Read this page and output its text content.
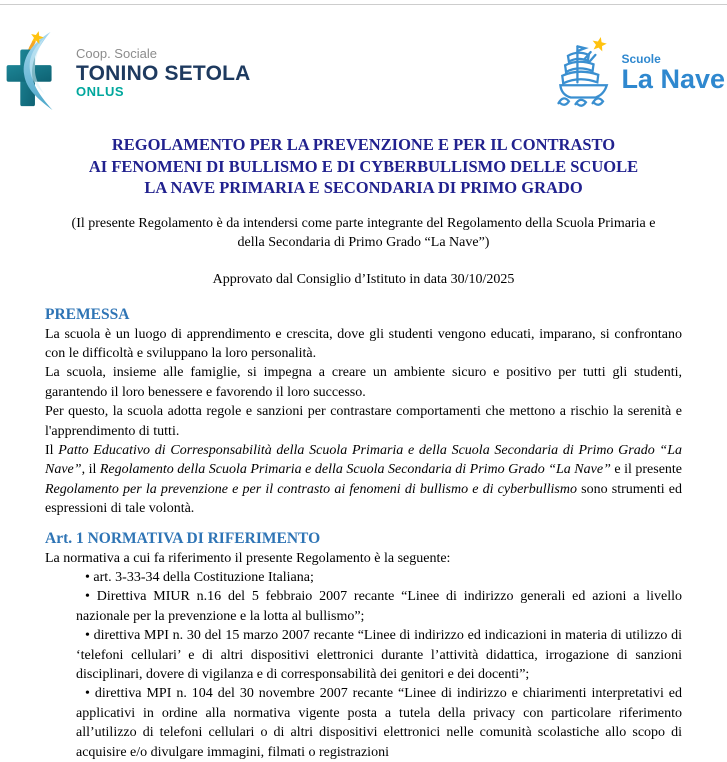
Coop. Sociale
TONINO SETOLA
ONLUS
Scuole
La Nave
REGOLAMENTO PER LA PREVENZIONE E PER IL CONTRASTO
AI FENOMENI DI BULLISMO E DI CYBERBULLISMO DELLE SCUOLE
LA NAVE PRIMARIA E SECONDARIA DI PRIMO GRADO
(Il presente Regolamento è da intendersi come parte integrante del Regolamento della Scuola Primaria e della Secondaria di Primo Grado “La Nave”)
Approvato dal Consiglio d’Istituto in data 30/10/2025
PREMESSA

La scuola è un luogo di apprendimento e crescita, dove gli studenti vengono educati, imparano, si confrontano con le difficoltà e sviluppano la loro personalità.

La scuola, insieme alle famiglie, si impegna a creare un ambiente sicuro e positivo per tutti gli studenti, garantendo il loro benessere e favorendo il loro successo.

Per questo, la scuola adotta regole e sanzioni per contrastare comportamenti che mettono a rischio la serenità e l'apprendimento di tutti.

Il Patto Educativo di Corresponsabilità della Scuola Primaria e della Scuola Secondaria di Primo Grado “La Nave”, il Regolamento della Scuola Primaria e della Scuola Secondaria di Primo Grado “La Nave” e il presente Regolamento per la prevenzione e per il contrasto ai fenomeni di bullismo e di cyberbullismo sono strumenti ed espressioni di tale volontà.

Art. 1 NORMATIVA DI RIFERIMENTO

La normativa a cui fa riferimento il presente Regolamento è la seguente:

• art. 3-33-34 della Costituzione Italiana;
• Direttiva MIUR n.16 del 5 febbraio 2007 recante “Linee di indirizzo generali ed azioni a livello nazionale per la prevenzione e la lotta al bullismo”;
• direttiva MPI n. 30 del 15 marzo 2007 recante “Linee di indirizzo ed indicazioni in materia di utilizzo di ‘telefoni cellulari’ e di altri dispositivi elettronici durante l’attività didattica, irrogazione di sanzioni disciplinari, dovere di vigilanza e di corresponsabilità dei genitori e dei docenti”;
• direttiva MPI n. 104 del 30 novembre 2007 recante “Linee di indirizzo e chiarimenti interpretativi ed applicativi in ordine alla normativa vigente posta a tutela della privacy con particolare riferimento all’utilizzo di telefoni cellulari o di altri dispositivi elettronici nelle comunità scolastiche allo scopo di acquisire e/o divulgare immagini, filmati o registrazioni
